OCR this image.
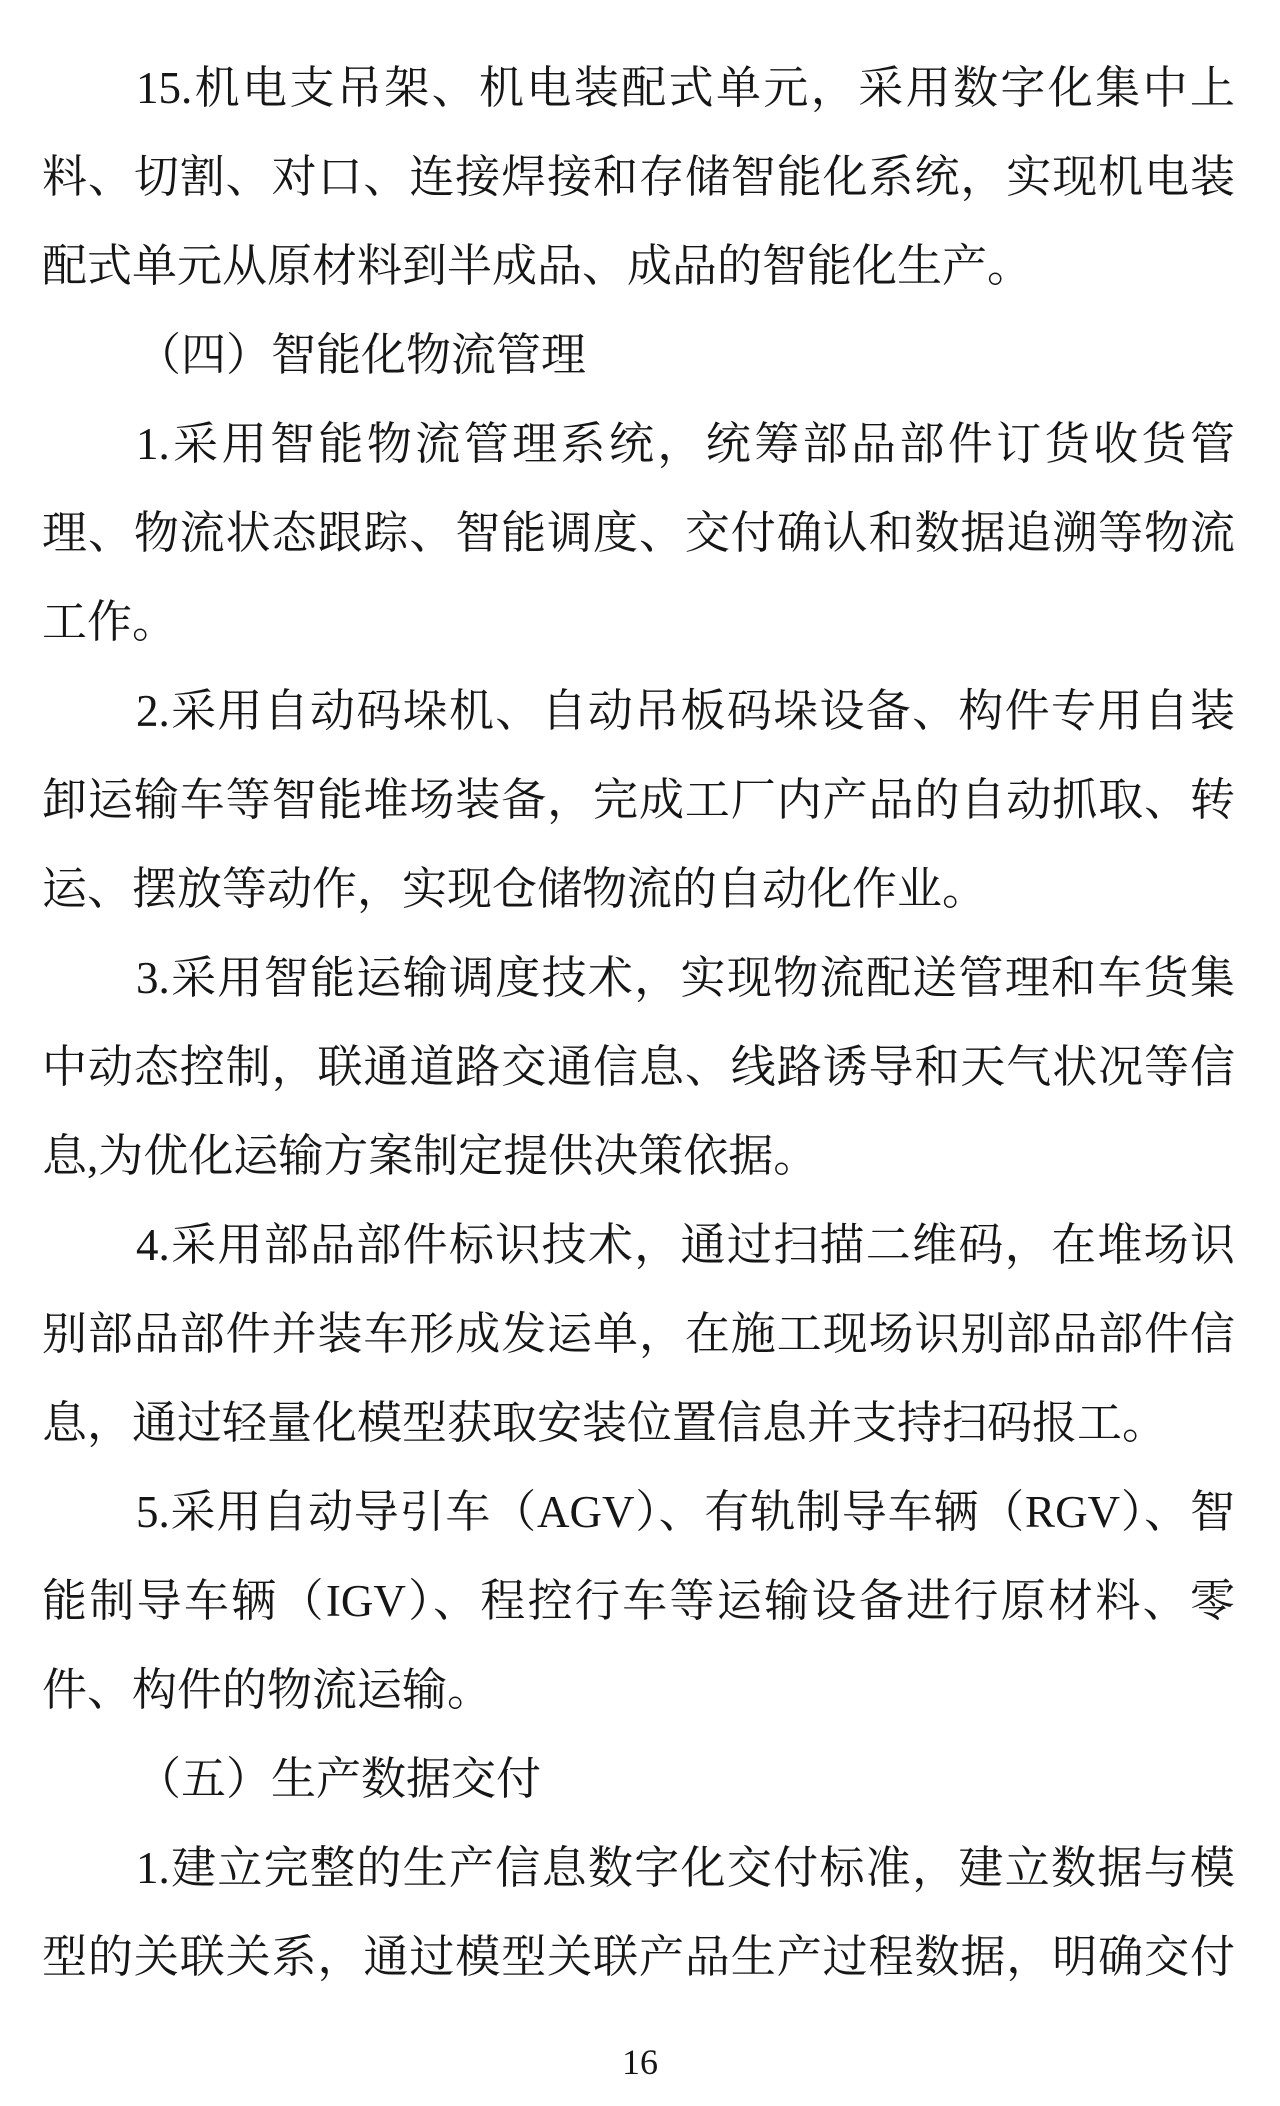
15.机电支吊架、机电装配式单元，采用数字化集中上
料、切割、对口、连接焊接和存储智能化系统，实现机电装
配式单元从原材料到半成品、成品的智能化生产。
（四）智能化物流管理
1.采用智能物流管理系统，统筹部品部件订货收货管
理、物流状态跟踪、智能调度、交付确认和数据追溯等物流
工作。
2.采用自动码垛机、自动吊板码垛设备、构件专用自装
卸运输车等智能堆场装备，完成工厂内产品的自动抓取、转
运、摆放等动作，实现仓储物流的自动化作业。
3.采用智能运输调度技术，实现物流配送管理和车货集
中动态控制，联通道路交通信息、线路诱导和天气状况等信
息,为优化运输方案制定提供决策依据。
4.采用部品部件标识技术，通过扫描二维码，在堆场识
别部品部件并装车形成发运单，在施工现场识别部品部件信
息，通过轻量化模型获取安装位置信息并支持扫码报工。
5.采用自动导引车（AGV）、有轨制导车辆（RGV）、智
能制导车辆（IGV）、程控行车等运输设备进行原材料、零
件、构件的物流运输。
（五）生产数据交付
1.建立完整的生产信息数字化交付标准，建立数据与模
型的关联关系，通过模型关联产品生产过程数据，明确交付
16
